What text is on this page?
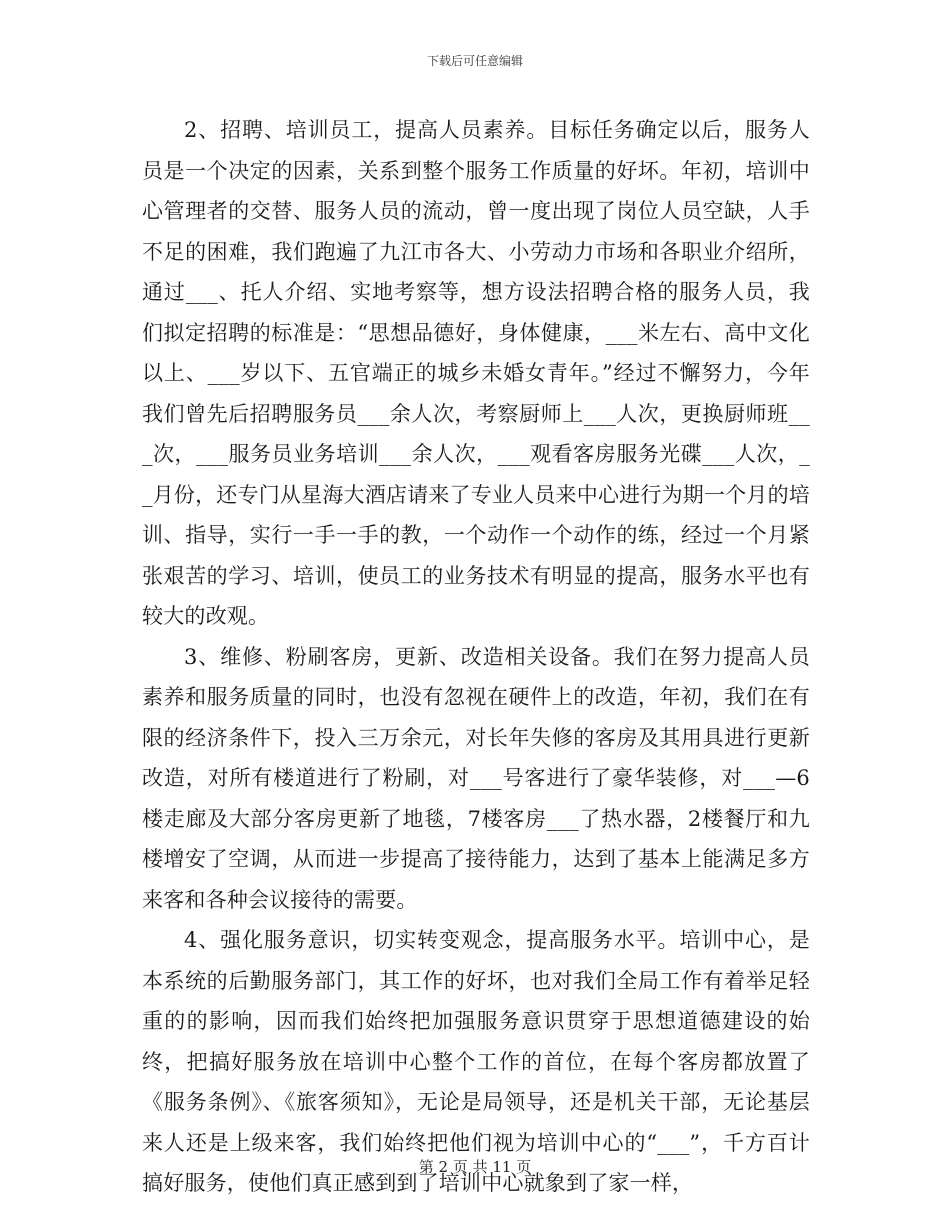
下载后可任意编辑

2、招聘、培训员工，提高人员素养。目标任务确定以后，服务人员是一个决定的因素，关系到整个服务工作质量的好坏。年初，培训中心管理者的交替、服务人员的流动，曾一度出现了岗位人员空缺，人手不足的困难，我们跑遍了九江市各大、小劳动力市场和各职业介绍所，通过___、托人介绍、实地考察等，想方设法招聘合格的服务人员，我们拟定招聘的标准是：“思想品德好，身体健康，___米左右、高中文化以上、___岁以下、五官端正的城乡未婚女青年。”经过不懈努力，今年我们曾先后招聘服务员___余人次，考察厨师上___人次，更换厨师班___次，___服务员业务培训___余人次，___观看客房服务光碟___人次，__月份，还专门从星海大酒店请来了专业人员来中心进行为期一个月的培训、指导，实行一手一手的教，一个动作一个动作的练，经过一个月紧张艰苦的学习、培训，使员工的业务技术有明显的提高，服务水平也有较大的改观。

3、维修、粉刷客房，更新、改造相关设备。我们在努力提高人员素养和服务质量的同时，也没有忽视在硬件上的改造，年初，我们在有限的经济条件下，投入三万余元，对长年失修的客房及其用具进行更新改造，对所有楼道进行了粉刷，对___号客进行了豪华装修，对___—6楼走廊及大部分客房更新了地毯，7楼客房___了热水器，2楼餐厅和九楼增安了空调，从而进一步提高了接待能力，达到了基本上能满足多方来客和各种会议接待的需要。

4、强化服务意识，切实转变观念，提高服务水平。培训中心，是本系统的后勤服务部门，其工作的好坏，也对我们全局工作有着举足轻重的的影响，因而我们始终把加强服务意识贯穿于思想道德建设的始终，把搞好服务放在培训中心整个工作的首位，在每个客房都放置了《服务条例》、《旅客须知》，无论是局领导，还是机关干部，无论基层来人还是上级来客，我们始终把他们视为培训中心的“___”，千方百计搞好服务，使他们真正感到到了培训中心就象到了家一样，

第 2 页 共 11 页
